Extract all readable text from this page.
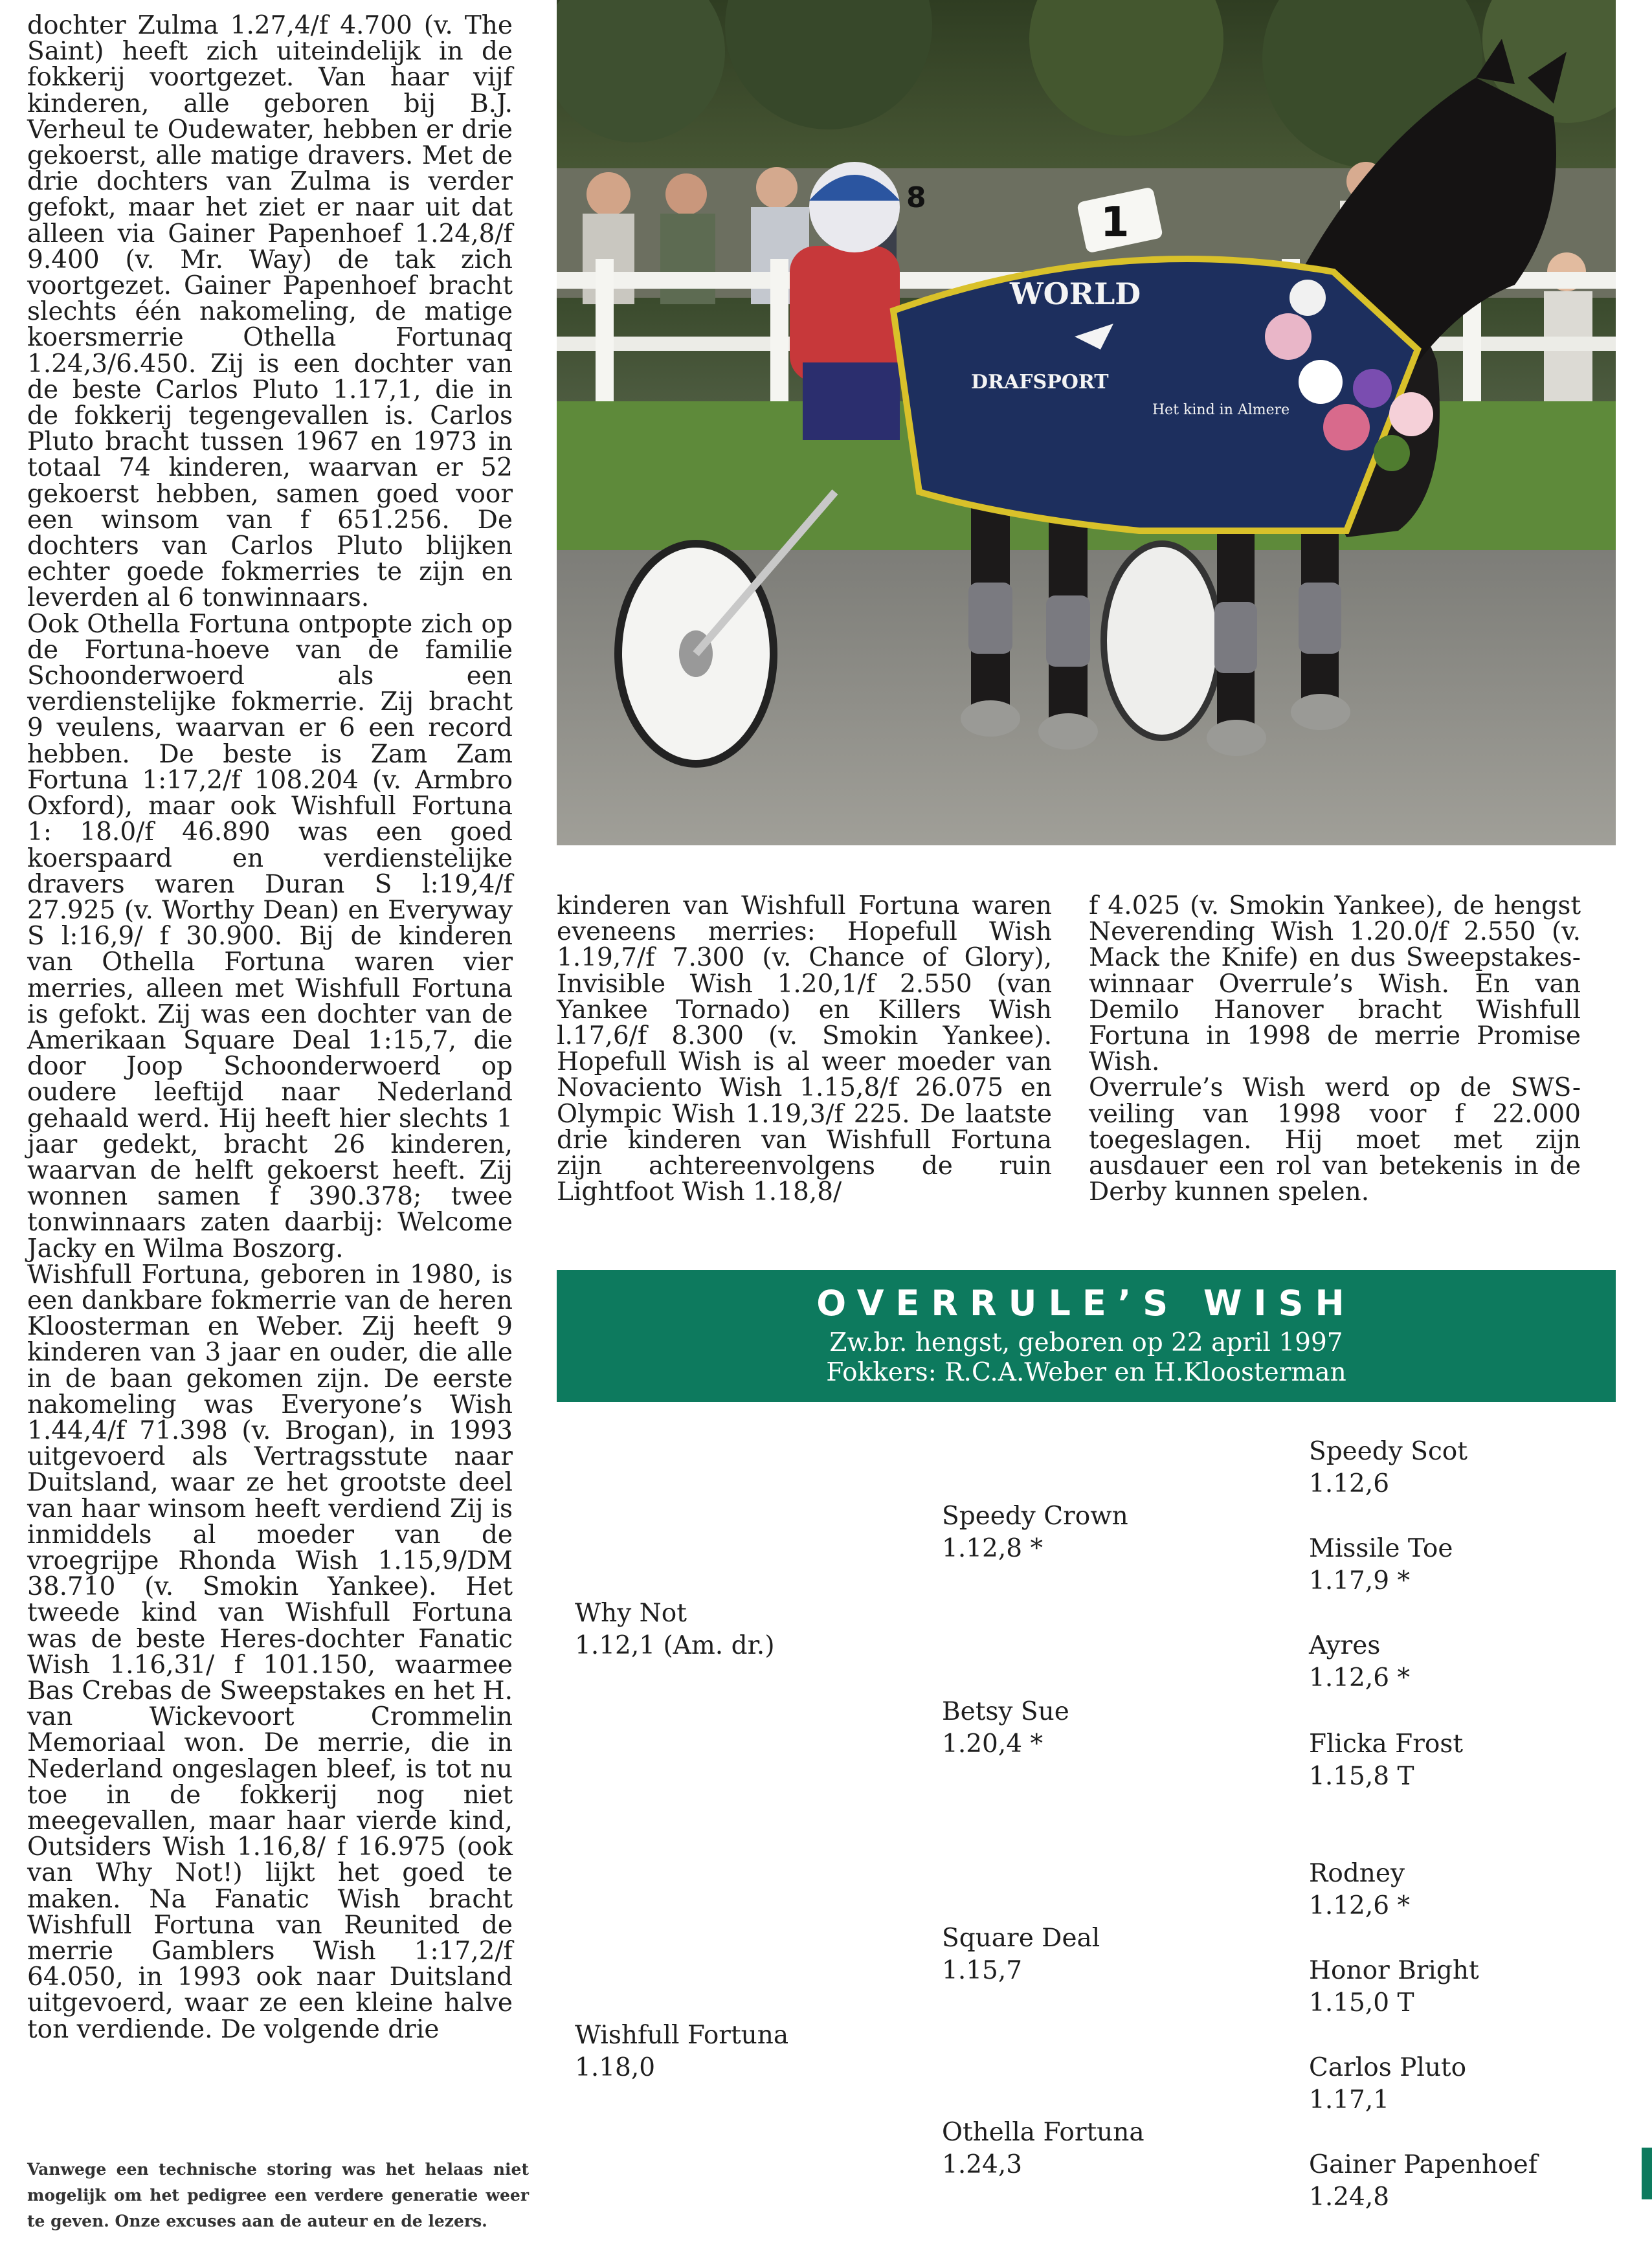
dochter Zulma 1.27,4/f 4.700 (v. The Saint) heeft zich uiteindelijk in de fokkerij voortgezet. Van haar vijf kinderen, alle geboren bij B.J. Verheul te Oudewater, hebben er drie gekoerst, alle matige dravers. Met de drie dochters van Zulma is verder gefokt, maar het ziet er naar uit dat alleen via Gainer Papenhoef 1.24,8/f 9.400 (v. Mr. Way) de tak zich voortgezet. Gainer Papenhoef bracht slechts één nakomeling, de matige koersmerrie Othella Fortunaq 1.24,3/6.450. Zij is een dochter van de beste Carlos Pluto 1.17,1, die in de fokkerij tegengevallen is. Carlos Pluto bracht tussen 1967 en 1973 in totaal 74 kinderen, waarvan er 52 gekoerst hebben, samen goed voor een winsom van f 651.256. De dochters van Carlos Pluto blijken echter goede fokmerries te zijn en leverden al 6 tonwinnaars.

Ook Othella Fortuna ontpopte zich op de Fortuna-hoeve van de familie Schoonderwoerd als een verdienstelijke fokmerrie. Zij bracht 9 veulens, waarvan er 6 een record hebben. De beste is Zam Zam Fortuna 1:17,2/f 108.204 (v. Armbro Oxford), maar ook Wishfull Fortuna 1: 18.0/f 46.890 was een goed koerspaard en verdienstelijke dravers waren Duran S l:19,4/f 27.925 (v. Worthy Dean) en Everyway S l:16,9/ f 30.900. Bij de kinderen van Othella Fortuna waren vier merries, alleen met Wishfull Fortuna is gefokt. Zij was een dochter van de Amerikaan Square Deal 1:15,7, die door Joop Schoonderwoerd op oudere leeftijd naar Nederland gehaald werd. Hij heeft hier slechts 1 jaar gedekt, bracht 26 kinderen, waarvan de helft gekoerst heeft. Zij wonnen samen f 390.378; twee tonwinnaars zaten daarbij: Welcome Jacky en Wilma Boszorg.

Wishfull Fortuna, geboren in 1980, is een dankbare fokmerrie van de heren Kloosterman en Weber. Zij heeft 9 kinderen van 3 jaar en ouder, die alle in de baan gekomen zijn. De eerste nakomeling was Everyone’s Wish 1.44,4/f 71.398 (v. Brogan), in 1993 uitgevoerd als Vertragsstute naar Duitsland, waar ze het grootste deel van haar winsom heeft verdiend Zij is inmiddels al moeder van de vroegrijpe Rhonda Wish 1.15,9/DM 38.710 (v. Smokin Yankee). Het tweede kind van Wishfull Fortuna was de beste Heres-dochter Fanatic Wish 1.16,31/ f 101.150, waarmee Bas Crebas de Sweepstakes en het H. van Wickevoort Crommelin Memoriaal won. De merrie, die in Nederland ongeslagen bleef, is tot nu toe in de fokkerij nog niet meegevallen, maar haar vierde kind, Outsiders Wish 1.16,8/ f 16.975 (ook van Why Not!) lijkt het goed te maken. Na Fanatic Wish bracht Wishfull Fortuna van Reunited de merrie Gamblers Wish 1:17,2/f 64.050, in 1993 ook naar Duitsland uitgevoerd, waar ze een kleine halve ton verdiende. De volgende drie

Vanwege een technische storing was het helaas niet mogelijk om het pedigree een verdere generatie weer te geven. Onze excuses aan de auteur en de lezers.
8
WORLD
DRAFSPORT
Het kind in Almere
1

kinderen van Wishfull Fortuna waren eveneens merries: Hopefull Wish 1.19,7/f 7.300 (v. Chance of Glory), Invisible Wish 1.20,1/f 2.550 (van Yankee Tornado) en Killers Wish l.17,6/f 8.300 (v. Smokin Yankee). Hopefull Wish is al weer moeder van Novaciento Wish 1.15,8/f 26.075 en Olympic Wish 1.19,3/f 225. De laatste drie kinderen van Wishfull Fortuna zijn achtereenvolgens de ruin Lightfoot Wish 1.18,8/

f 4.025 (v. Smokin Yankee), de hengst Neverending Wish 1.20.0/f 2.550 (v. Mack the Knife) en dus Sweepstakes-winnaar Overrule’s Wish. En van Demilo Hanover bracht Wishfull Fortuna in 1998 de merrie Promise Wish.

Overrule’s Wish werd op de SWS-veiling van 1998 voor f 22.000 toegeslagen. Hij moet met zijn ausdauer een rol van betekenis in de Derby kunnen spelen.

OVERRULE’S WISH
Zw.br. hengst, geboren op 22 april 1997
Fokkers: R.C.A.Weber en H.Kloosterman
Why Not
1.12,1 (Am. dr.)
Wishfull Fortuna
1.18,0
Speedy Crown
1.12,8 *
Betsy Sue
1.20,4 *
Square Deal
1.15,7
Othella Fortuna
1.24,3
Speedy Scot
1.12,6
Missile Toe
1.17,9 *
Ayres
1.12,6 *
Flicka Frost
1.15,8 T
Rodney
1.12,6 *
Honor Bright
1.15,0 T
Carlos Pluto
1.17,1
Gainer Papenhoef
1.24,8
